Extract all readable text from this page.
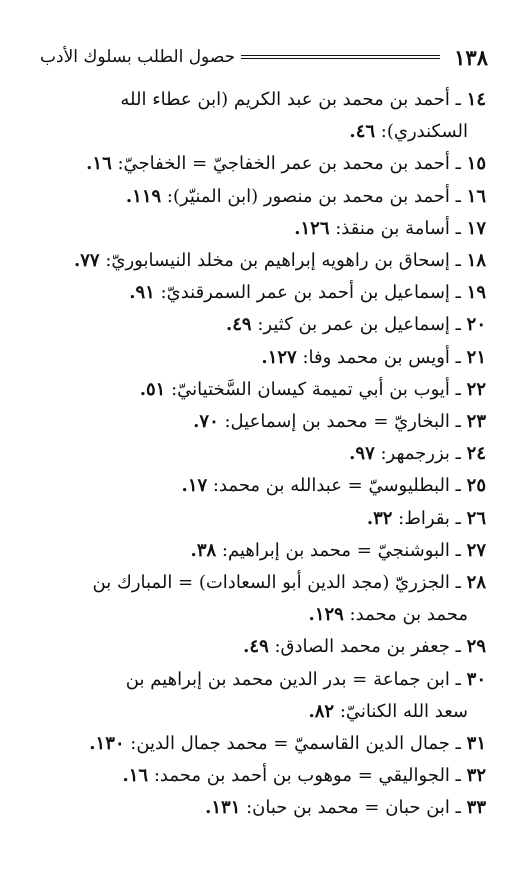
١٣٨
حصول الطلب بسلوك الأدب
١٤ ـ أحمد بن محمد بن عبد الكريم (ابن عطاء الله
السكندري): ٤٦.
١٥ ـ أحمد بن محمد بن عمر الخفاجيّ = الخفاجيّ: ١٦.
١٦ ـ أحمد بن محمد بن منصور (ابن المنيّر): ١١٩.
١٧ ـ أسامة بن منقذ: ١٢٦.
١٨ ـ إسحاق بن راهويه إبراهيم بن مخلد النيسابوريّ: ٧٧.
١٩ ـ إسماعيل بن أحمد بن عمر السمرقنديّ: ٩١.
٢٠ ـ إسماعيل بن عمر بن كثير: ٤٩.
٢١ ـ أويس بن محمد وفا: ١٢٧.
٢٢ ـ أيوب بن أبي تميمة كيسان السَّختيانيّ: ٥١.
٢٣ ـ البخاريّ = محمد بن إسماعيل: ٧٠.
٢٤ ـ بزرجمهر: ٩٧.
٢٥ ـ البطليوسيّ = عبدالله بن محمد: ١٧.
٢٦ ـ بقراط: ٣٢.
٢٧ ـ البوشنجيّ = محمد بن إبراهيم: ٣٨.
٢٨ ـ الجزريّ (مجد الدين أبو السعادات) = المبارك بن
محمد بن محمد: ١٢٩.
٢٩ ـ جعفر بن محمد الصادق: ٤٩.
٣٠ ـ ابن جماعة = بدر الدين محمد بن إبراهيم بن
سعد الله الكنانيّ: ٨٢.
٣١ ـ جمال الدين القاسميّ = محمد جمال الدين: ١٣٠.
٣٢ ـ الجواليقي = موهوب بن أحمد بن محمد: ١٦.
٣٣ ـ ابن حبان = محمد بن حبان: ١٣١.
